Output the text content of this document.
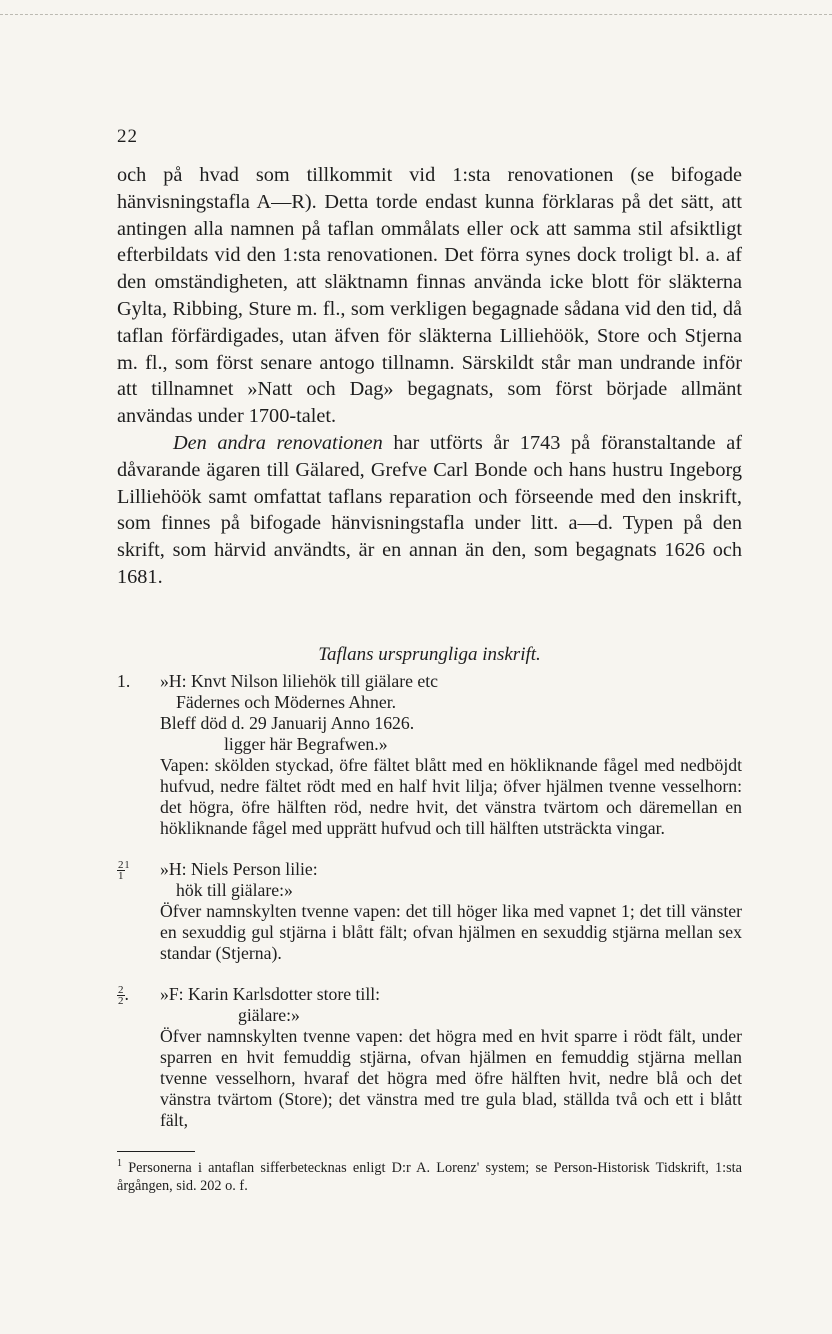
22

och på hvad som tillkommit vid 1:sta renovationen (se bifogade hänvisningstafla A—R). Detta torde endast kunna förklaras på det sätt, att antingen alla namnen på taflan ommålats eller ock att samma stil afsiktligt efterbildats vid den 1:sta renovationen. Det förra synes dock troligt bl. a. af den omständigheten, att släktnamn finnas använda icke blott för släkterna Gylta, Ribbing, Sture m. fl., som verkligen begagnade sådana vid den tid, då taflan förfärdigades, utan äfven för släkterna Lilliehöök, Store och Stjerna m. fl., som först senare antogo tillnamn. Särskildt står man undrande inför att tillnamnet »Natt och Dag» begagnats, som först började allmänt användas under 1700-talet.

Den andra renovationen har utförts år 1743 på föranstaltande af dåvarande ägaren till Gälared, Grefve Carl Bonde och hans hustru Ingeborg Lilliehöök samt omfattat taflans reparation och förseende med den inskrift, som finnes på bifogade hänvisningstafla under litt. a—d. Typen på den skrift, som härvid användts, är en annan än den, som begagnats 1626 och 1681.

Taflans ursprungliga inskrift.
1. »H: Knvt Nilson liliehök till giälare etc
Fädernes och Mödernes Ahner.
Bleff död d. 29 Januarij Anno 1626.
ligger här Begrafwen.»
Vapen: skölden styckad, öfre fältet blått med en hökliknande fågel med nedböjdt hufvud, nedre fältet rödt med en half hvit lilja; öfver hjälmen tvenne vesselhorn: det högra, öfre hälften röd, nedre hvit, det vänstra tvärtom och däremellan en hökliknande fågel med upprätt hufvud och till hälften utsträckta vingar.
$\frac{2}{1} ^1$ »H: Niels Person lilie:
hök till giälare:»
Öfver namnskylten tvenne vapen: det till höger lika med vapnet 1; det till vänster en sexuddig gul stjärna i blått fält; ofvan hjälmen en sexuddig stjärna mellan sex standar (Stjerna).
$\frac{2}{2}$ . »F: Karin Karlsdotter store till:
giälare:»
Öfver namnskylten tvenne vapen: det högra med en hvit sparre i rödt fält, under sparren en hvit femuddig stjärna, ofvan hjälmen en femuddig stjärna mellan tvenne vesselhorn, hvaraf det högra med öfre hälften hvit, nedre blå och det vänstra tvärtom (Store); det vänstra med tre gula blad, ställda två och ett i blått fält,
$^1$ Personerna i antaflan sifferbetecknas enligt D:r A. Lorenz' system; se Person-Historisk Tidskrift, 1:sta årgången, sid. 202 o. f.
